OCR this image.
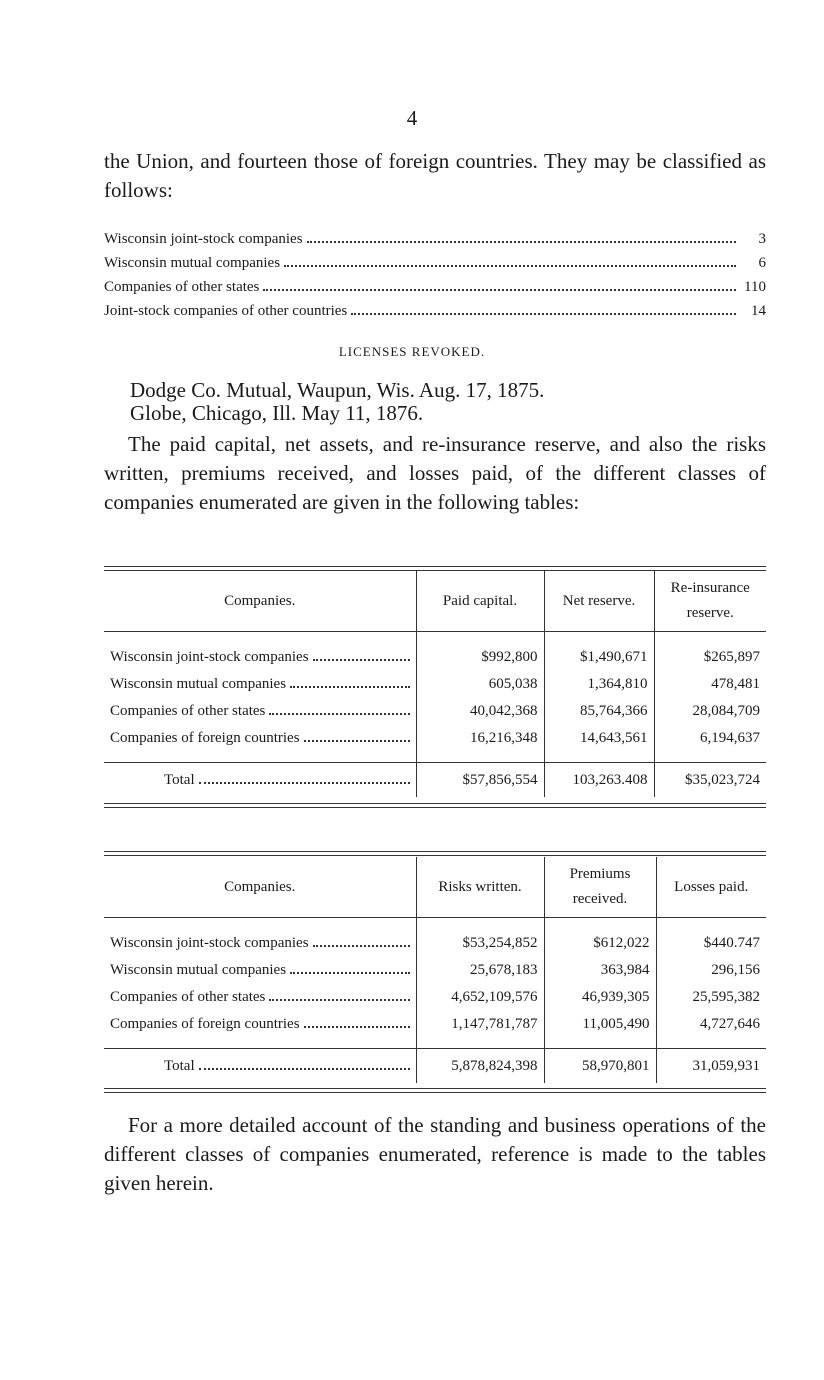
4

the Union, and fourteen those of foreign countries. They may be classified as follows:

Wisconsin joint-stock companies	3
Wisconsin mutual companies	6
Companies of other states	110
Joint-stock companies of other countries	14
LICENSES REVOKED.
Dodge Co. Mutual, Waupun, Wis. Aug. 17, 1875.
Globe, Chicago, Ill. May 11, 1876.

The paid capital, net assets, and re-insurance reserve, and also the risks written, premiums received, and losses paid, of the different classes of companies enumerated are given in the following tables:

Companies.	Paid capital.	Net reserve.	Re-insurance reserve.

Wisconsin joint-stock companies	$992,800	$1,490,671	$265,897

Wisconsin mutual companies	605,038	1,364,810	478,481

Companies of other states	40,042,368	85,764,366	28,084,709

Companies of foreign countries	16,216,348	14,643,561	6,194,637

Total	$57,856,554	103,263.408	$35,023,724
Companies.	Risks written.	Premiums received.	Losses paid.

Wisconsin joint-stock companies	$53,254,852	$612,022	$440.747

Wisconsin mutual companies	25,678,183	363,984	296,156

Companies of other states	4,652,109,576	46,939,305	25,595,382

Companies of foreign countries	1,147,781,787	11,005,490	4,727,646

Total	5,878,824,398	58,970,801	31,059,931

For a more detailed account of the standing and business operations of the different classes of companies enumerated, reference is made to the tables given herein.
